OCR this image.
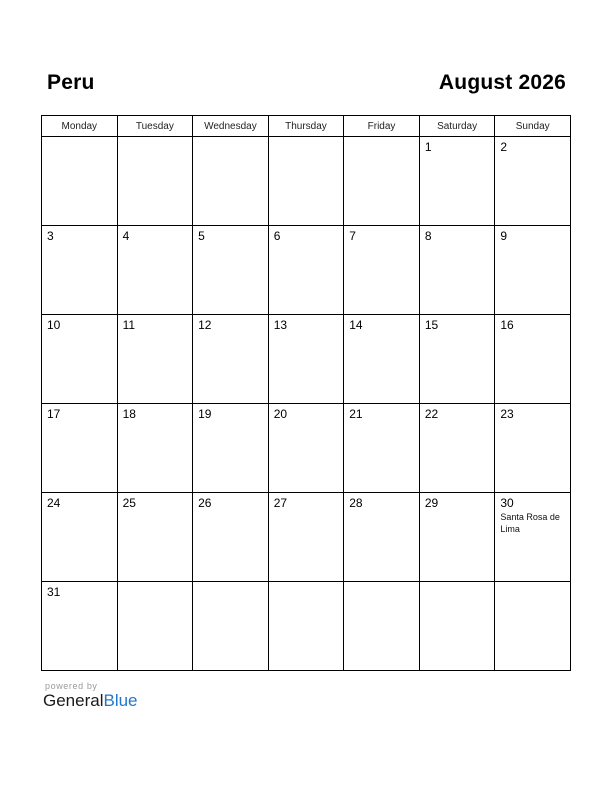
Peru	August 2026
Monday	Tuesday	Wednesday	Thursday	Friday	Saturday	Sunday

					1	2

3	4	5	6	7	8	9

10	11	12	13	14	15	16

17	18	19	20	21	22	23

24	25	26	27	28	29	30
Santa Rosa de Lima

31						

powered by
GeneralBlue
